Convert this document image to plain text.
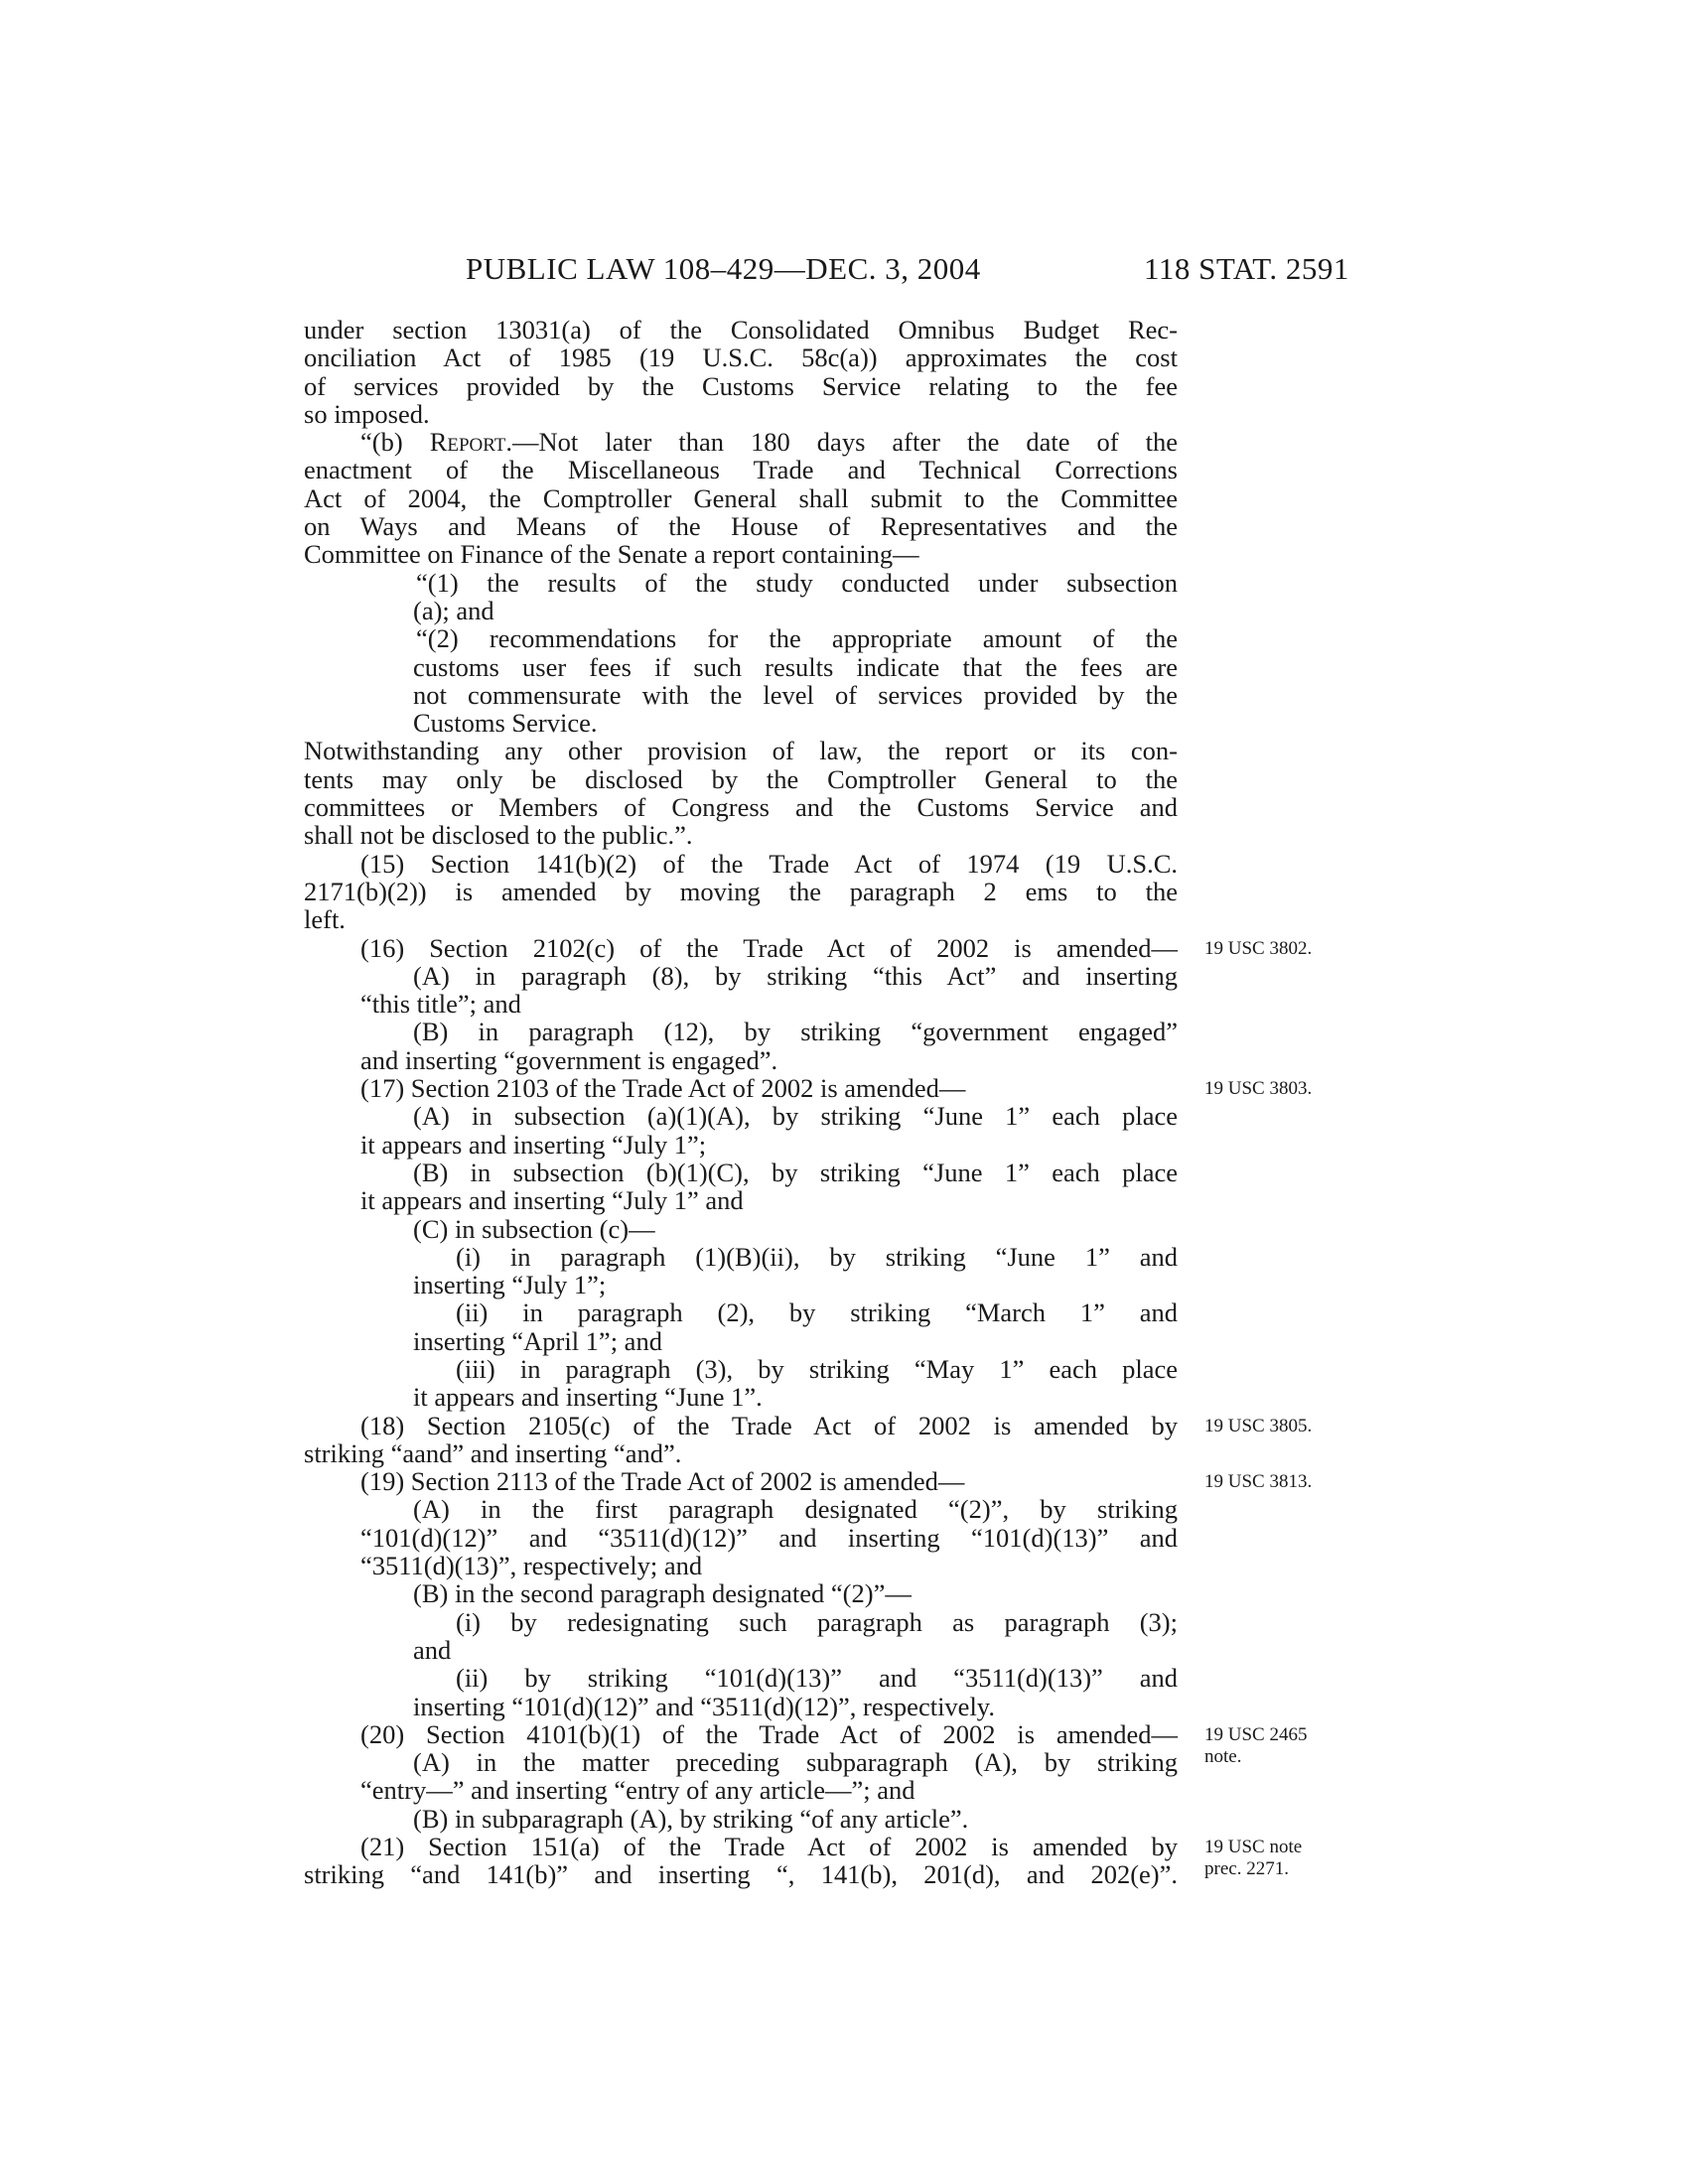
PUBLIC LAW 108–429—DEC. 3, 2004	118 STAT. 2591
under section 13031(a) of the Consolidated Omnibus Budget Rec-
onciliation Act of 1985 (19 U.S.C. 58c(a)) approximates the cost
of services provided by the Customs Service relating to the fee
so imposed.
“(b) Report.—Not later than 180 days after the date of the
enactment of the Miscellaneous Trade and Technical Corrections
Act of 2004, the Comptroller General shall submit to the Committee
on Ways and Means of the House of Representatives and the
Committee on Finance of the Senate a report containing—
“(1) the results of the study conducted under subsection
(a); and
“(2) recommendations for the appropriate amount of the
customs user fees if such results indicate that the fees are
not commensurate with the level of services provided by the
Customs Service.
Notwithstanding any other provision of law, the report or its con-
tents may only be disclosed by the Comptroller General to the
committees or Members of Congress and the Customs Service and
shall not be disclosed to the public.”.
(15) Section 141(b)(2) of the Trade Act of 1974 (19 U.S.C.
2171(b)(2)) is amended by moving the paragraph 2 ems to the
left.
(16) Section 2102(c) of the Trade Act of 2002 is amended—
(A) in paragraph (8), by striking “this Act” and inserting
“this title”; and
(B) in paragraph (12), by striking “government engaged”
and inserting “government is engaged”.
(17) Section 2103 of the Trade Act of 2002 is amended—
(A) in subsection (a)(1)(A), by striking “June 1” each place
it appears and inserting “July 1”;
(B) in subsection (b)(1)(C), by striking “June 1” each place
it appears and inserting “July 1” and
(C) in subsection (c)—
(i) in paragraph (1)(B)(ii), by striking “June 1” and
inserting “July 1”;
(ii) in paragraph (2), by striking “March 1” and
inserting “April 1”; and
(iii) in paragraph (3), by striking “May 1” each place
it appears and inserting “June 1”.
(18) Section 2105(c) of the Trade Act of 2002 is amended by
striking “aand” and inserting “and”.
(19) Section 2113 of the Trade Act of 2002 is amended—
(A) in the first paragraph designated “(2)”, by striking
“101(d)(12)” and “3511(d)(12)” and inserting “101(d)(13)” and
“3511(d)(13)”, respectively; and
(B) in the second paragraph designated “(2)”—
(i) by redesignating such paragraph as paragraph (3);
and
(ii) by striking “101(d)(13)” and “3511(d)(13)” and
inserting “101(d)(12)” and “3511(d)(12)”, respectively.
(20) Section 4101(b)(1) of the Trade Act of 2002 is amended—
(A) in the matter preceding subparagraph (A), by striking
“entry—” and inserting “entry of any article—”; and
(B) in subparagraph (A), by striking “of any article”.
(21) Section 151(a) of the Trade Act of 2002 is amended by
striking “and 141(b)” and inserting “, 141(b), 201(d), and 202(e)”.
19 USC 3802.
19 USC 3803.
19 USC 3805.
19 USC 3813.
19 USC 2465
note.
19 USC note
prec. 2271.
